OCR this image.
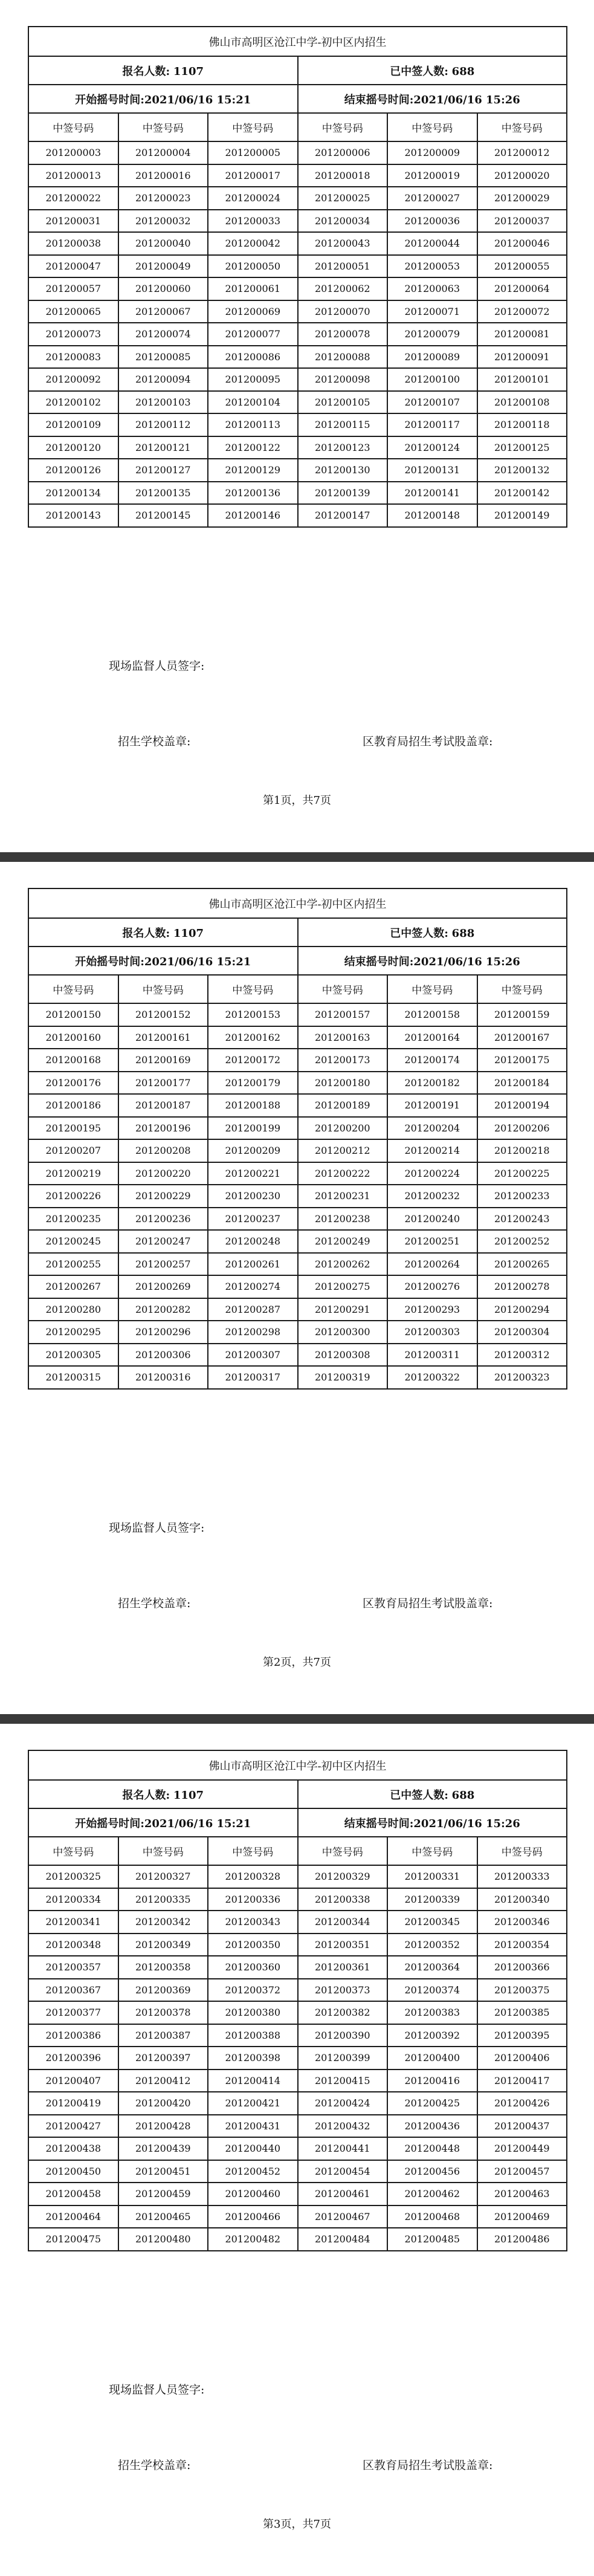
佛山市高明区沧江中学-初中区内招生					
报名人数: 1107			已中签人数: 688		
开始摇号时间:2021/06/16 15:21			结束摇号时间:2021/06/16 15:26		
中签号码	中签号码	中签号码	中签号码	中签号码	中签号码
201200003	201200004	201200005	201200006	201200009	201200012
201200013	201200016	201200017	201200018	201200019	201200020
201200022	201200023	201200024	201200025	201200027	201200029
201200031	201200032	201200033	201200034	201200036	201200037
201200038	201200040	201200042	201200043	201200044	201200046
201200047	201200049	201200050	201200051	201200053	201200055
201200057	201200060	201200061	201200062	201200063	201200064
201200065	201200067	201200069	201200070	201200071	201200072
201200073	201200074	201200077	201200078	201200079	201200081
201200083	201200085	201200086	201200088	201200089	201200091
201200092	201200094	201200095	201200098	201200100	201200101
201200102	201200103	201200104	201200105	201200107	201200108
201200109	201200112	201200113	201200115	201200117	201200118
201200120	201200121	201200122	201200123	201200124	201200125
201200126	201200127	201200129	201200130	201200131	201200132
201200134	201200135	201200136	201200139	201200141	201200142
201200143	201200145	201200146	201200147	201200148	201200149
现场监督人员签字:
招生学校盖章:	区教育局招生考试股盖章:
第1页，共7页
佛山市高明区沧江中学-初中区内招生					
报名人数: 1107			已中签人数: 688		
开始摇号时间:2021/06/16 15:21			结束摇号时间:2021/06/16 15:26		
中签号码	中签号码	中签号码	中签号码	中签号码	中签号码
201200150	201200152	201200153	201200157	201200158	201200159
201200160	201200161	201200162	201200163	201200164	201200167
201200168	201200169	201200172	201200173	201200174	201200175
201200176	201200177	201200179	201200180	201200182	201200184
201200186	201200187	201200188	201200189	201200191	201200194
201200195	201200196	201200199	201200200	201200204	201200206
201200207	201200208	201200209	201200212	201200214	201200218
201200219	201200220	201200221	201200222	201200224	201200225
201200226	201200229	201200230	201200231	201200232	201200233
201200235	201200236	201200237	201200238	201200240	201200243
201200245	201200247	201200248	201200249	201200251	201200252
201200255	201200257	201200261	201200262	201200264	201200265
201200267	201200269	201200274	201200275	201200276	201200278
201200280	201200282	201200287	201200291	201200293	201200294
201200295	201200296	201200298	201200300	201200303	201200304
201200305	201200306	201200307	201200308	201200311	201200312
201200315	201200316	201200317	201200319	201200322	201200323
现场监督人员签字:
招生学校盖章:	区教育局招生考试股盖章:
第2页，共7页
佛山市高明区沧江中学-初中区内招生					
报名人数: 1107			已中签人数: 688		
开始摇号时间:2021/06/16 15:21			结束摇号时间:2021/06/16 15:26		
中签号码	中签号码	中签号码	中签号码	中签号码	中签号码
201200325	201200327	201200328	201200329	201200331	201200333
201200334	201200335	201200336	201200338	201200339	201200340
201200341	201200342	201200343	201200344	201200345	201200346
201200348	201200349	201200350	201200351	201200352	201200354
201200357	201200358	201200360	201200361	201200364	201200366
201200367	201200369	201200372	201200373	201200374	201200375
201200377	201200378	201200380	201200382	201200383	201200385
201200386	201200387	201200388	201200390	201200392	201200395
201200396	201200397	201200398	201200399	201200400	201200406
201200407	201200412	201200414	201200415	201200416	201200417
201200419	201200420	201200421	201200424	201200425	201200426
201200427	201200428	201200431	201200432	201200436	201200437
201200438	201200439	201200440	201200441	201200448	201200449
201200450	201200451	201200452	201200454	201200456	201200457
201200458	201200459	201200460	201200461	201200462	201200463
201200464	201200465	201200466	201200467	201200468	201200469
201200475	201200480	201200482	201200484	201200485	201200486
现场监督人员签字:
招生学校盖章:	区教育局招生考试股盖章:
第3页，共7页
